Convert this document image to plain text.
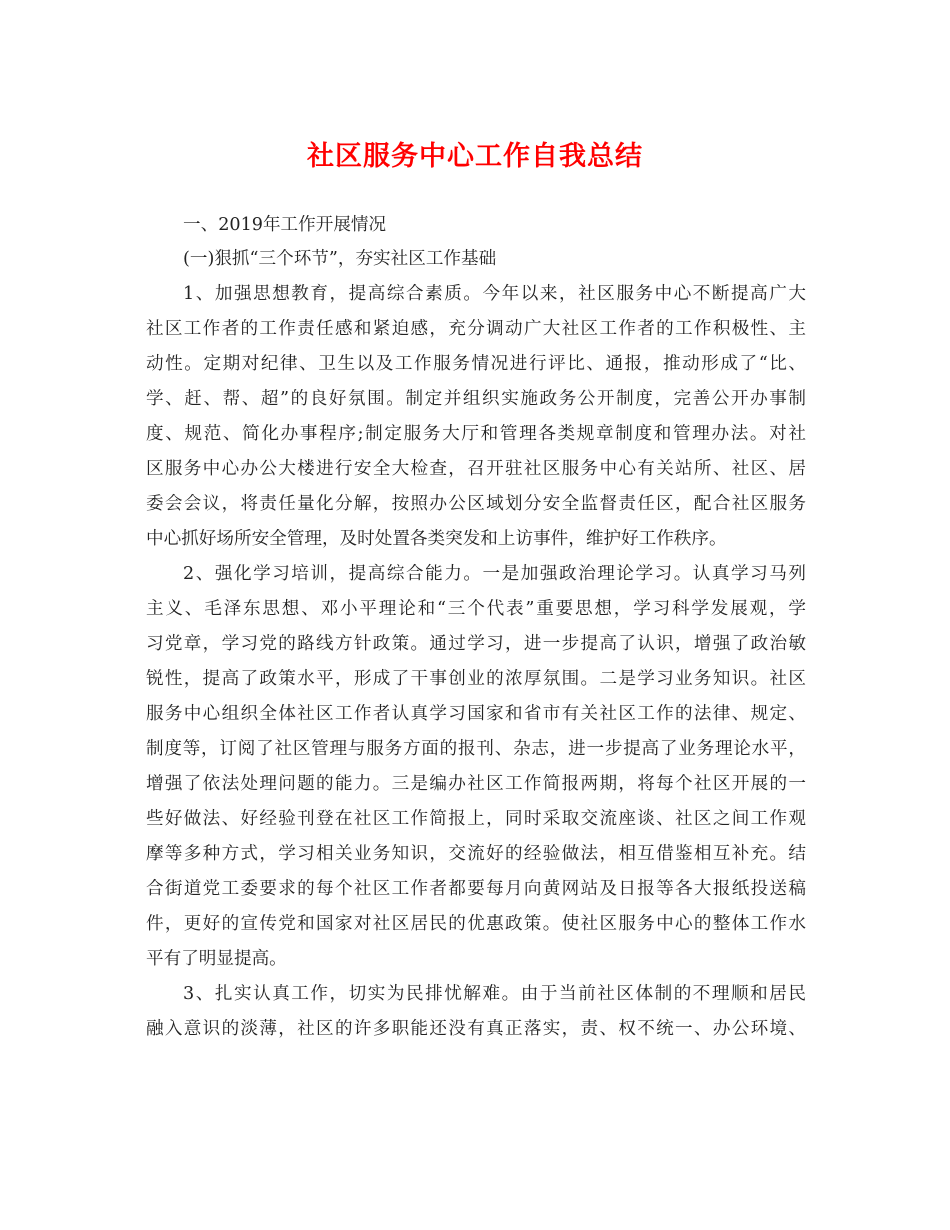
社区服务中心工作自我总结

一、2019年工作开展情况

(一)狠抓“三个环节”，夯实社区工作基础

1、加强思想教育，提高综合素质。今年以来，社区服务中心不断提高广大

社区工作者的工作责任感和紧迫感，充分调动广大社区工作者的工作积极性、主

动性。定期对纪律、卫生以及工作服务情况进行评比、通报，推动形成了“比、

学、赶、帮、超”的良好氛围。制定并组织实施政务公开制度，完善公开办事制

度、规范、简化办事程序;制定服务大厅和管理各类规章制度和管理办法。对社

区服务中心办公大楼进行安全大检查，召开驻社区服务中心有关站所、社区、居

委会会议，将责任量化分解，按照办公区域划分安全监督责任区，配合社区服务

中心抓好场所安全管理，及时处置各类突发和上访事件，维护好工作秩序。

2、强化学习培训，提高综合能力。一是加强政治理论学习。认真学习马列

主义、毛泽东思想、邓小平理论和“三个代表”重要思想，学习科学发展观，学

习党章，学习党的路线方针政策。通过学习，进一步提高了认识，增强了政治敏

锐性，提高了政策水平，形成了干事创业的浓厚氛围。二是学习业务知识。社区

服务中心组织全体社区工作者认真学习国家和省市有关社区工作的法律、规定、

制度等，订阅了社区管理与服务方面的报刊、杂志，进一步提高了业务理论水平，

增强了依法处理问题的能力。三是编办社区工作简报两期，将每个社区开展的一

些好做法、好经验刊登在社区工作简报上，同时采取交流座谈、社区之间工作观

摩等多种方式，学习相关业务知识，交流好的经验做法，相互借鉴相互补充。结

合街道党工委要求的每个社区工作者都要每月向黄网站及日报等各大报纸投送稿

件，更好的宣传党和国家对社区居民的优惠政策。使社区服务中心的整体工作水

平有了明显提高。

3、扎实认真工作，切实为民排忧解难。由于当前社区体制的不理顺和居民

融入意识的淡薄，社区的许多职能还没有真正落实，责、权不统一、办公环境、
